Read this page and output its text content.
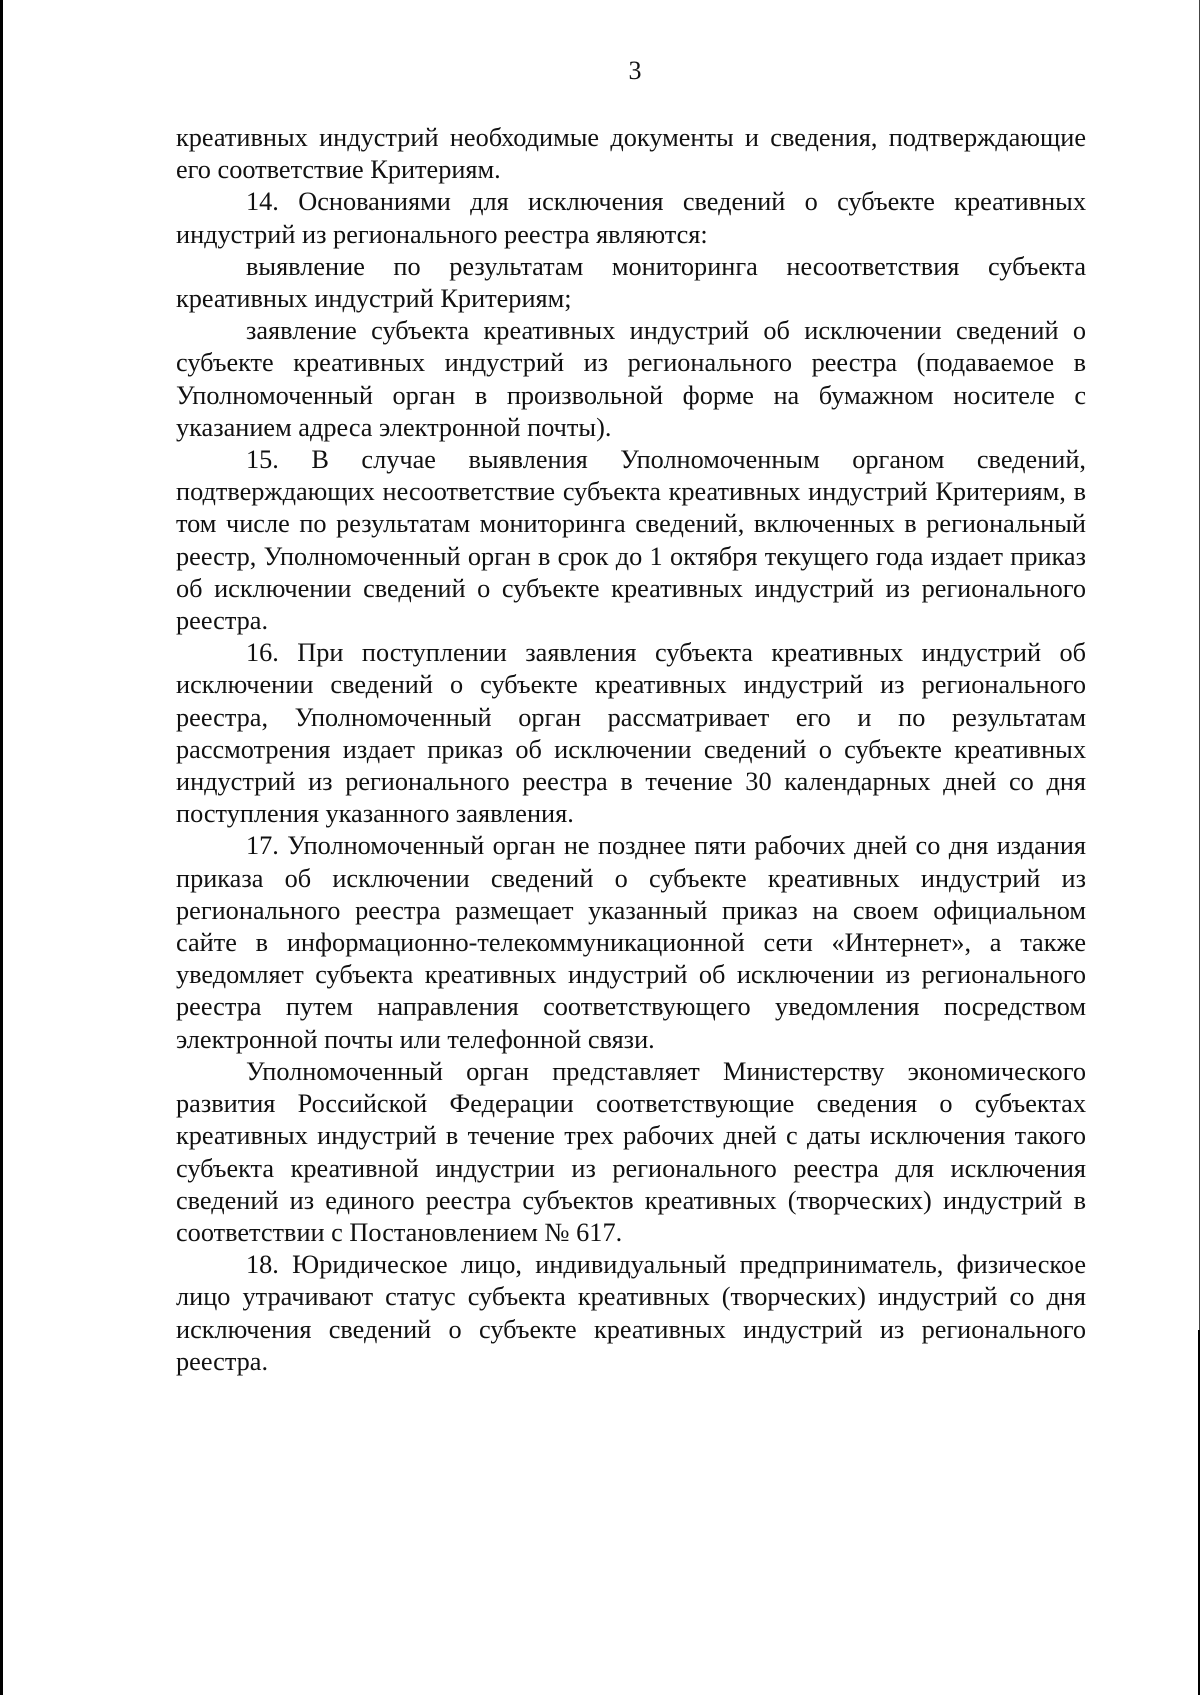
3

креативных индустрий необходимые документы и сведения, подтверждающие его соответствие Критериям.

14. Основаниями для исключения сведений о субъекте креативных индустрий из регионального реестра являются:

выявление по результатам мониторинга несоответствия субъекта креативных индустрий Критериям;

заявление субъекта креативных индустрий об исключении сведений о субъекте креативных индустрий из регионального реестра (подаваемое в Уполномоченный орган в произвольной форме на бумажном носителе с указанием адреса электронной почты).

15. В случае выявления Уполномоченным органом сведений, подтверждающих несоответствие субъекта креативных индустрий Критериям, в том числе по результатам мониторинга сведений, включенных в региональный реестр, Уполномоченный орган в срок до 1 октября текущего года издает приказ об исключении сведений о субъекте креативных индустрий из регионального реестра.

16. При поступлении заявления субъекта креативных индустрий об исключении сведений о субъекте креативных индустрий из регионального реестра, Уполномоченный орган рассматривает его и по результатам рассмотрения издает приказ об исключении сведений о субъекте креативных индустрий из регионального реестра в течение 30 календарных дней со дня поступления указанного заявления.

17. Уполномоченный орган не позднее пяти рабочих дней со дня издания приказа об исключении сведений о субъекте креативных индустрий из регионального реестра размещает указанный приказ на своем официальном сайте в информационно-телекоммуникационной сети «Интернет», а также уведомляет субъекта креативных индустрий об исключении из регионального реестра путем направления соответствующего уведомления посредством электронной почты или телефонной связи.

Уполномоченный орган представляет Министерству экономического развития Российской Федерации соответствующие сведения о субъектах креативных индустрий в течение трех рабочих дней с даты исключения такого субъекта креативной индустрии из регионального реестра для исключения сведений из единого реестра субъектов креативных (творческих) индустрий в соответствии с Постановлением № 617.

18. Юридическое лицо, индивидуальный предприниматель, физическое лицо утрачивают статус субъекта креативных (творческих) индустрий со дня исключения сведений о субъекте креативных индустрий из регионального реестра.
